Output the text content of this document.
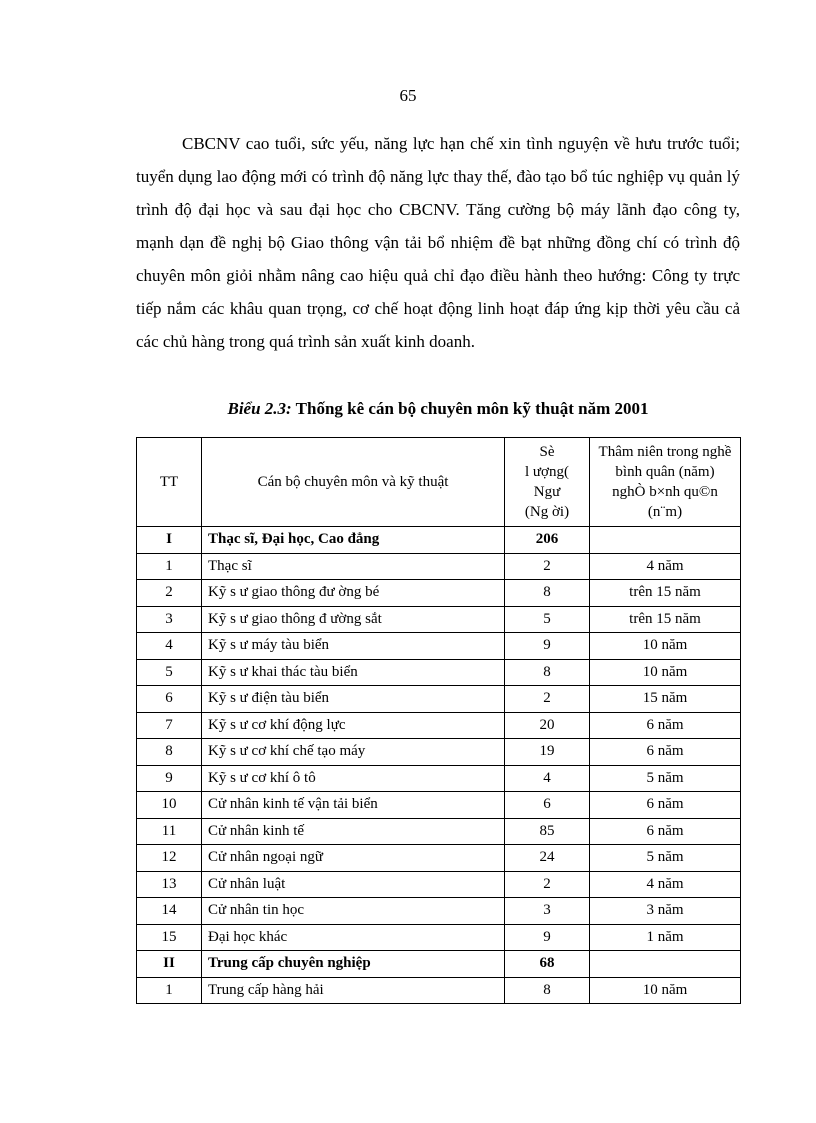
65

CBCNV cao tuổi, sức yếu, năng lực hạn chế xin tình nguyện về hưu trước tuổi; tuyển dụng lao động mới có trình độ năng lực thay thế, đào tạo bổ túc nghiệp vụ quản lý trình độ đại học và sau đại học cho CBCNV. Tăng cường bộ máy lãnh đạo công ty, mạnh dạn đề nghị bộ Giao thông vận tải bổ nhiệm đề bạt những đồng chí có trình độ chuyên môn giỏi nhằm nâng cao hiệu quả chỉ đạo điều hành theo hướng: Công ty trực tiếp nắm các khâu quan trọng, cơ chế hoạt động linh hoạt đáp ứng kịp thời yêu cầu cả các chủ hàng trong quá trình sản xuất kinh doanh.

Biểu 2.3: Thống kê cán bộ chuyên môn kỹ thuật năm 2001
TT	Cán bộ chuyên môn và kỹ thuật	Sè
l ượng(
Ngư
(Ng ời)	Thâm niên trong nghề
bình quân (năm)
nghÒ b×nh qu©n
(n¨m)

I	Thạc sĩ, Đại học, Cao đẳng	206	
1	Thạc sĩ	2	4 năm
2	Kỹ s ư giao thông đư ờng bé	8	trên 15 năm
3	Kỹ s ư giao thông đ ường sắt	5	trên 15 năm
4	Kỹ s ư máy tàu biển	9	10 năm
5	Kỹ s ư khai thác tàu biển	8	10 năm
6	Kỹ s ư điện tàu biển	2	15 năm
7	Kỹ s ư cơ khí động lực	20	6 năm
8	Kỹ s ư cơ khí chế tạo máy	19	6 năm
9	Kỹ s ư cơ khí ô tô	4	5 năm
10	Cử nhân kinh tế vận tải biển	6	6 năm
11	Cử nhân kinh tế	85	6 năm
12	Cử nhân ngoại ngữ	24	5 năm
13	Cử nhân luật	2	4 năm
14	Cử nhân tin học	3	3 năm
15	Đại học khác	9	1 năm
II	Trung cấp chuyên nghiệp	68	
1	Trung cấp hàng hải	8	10 năm
